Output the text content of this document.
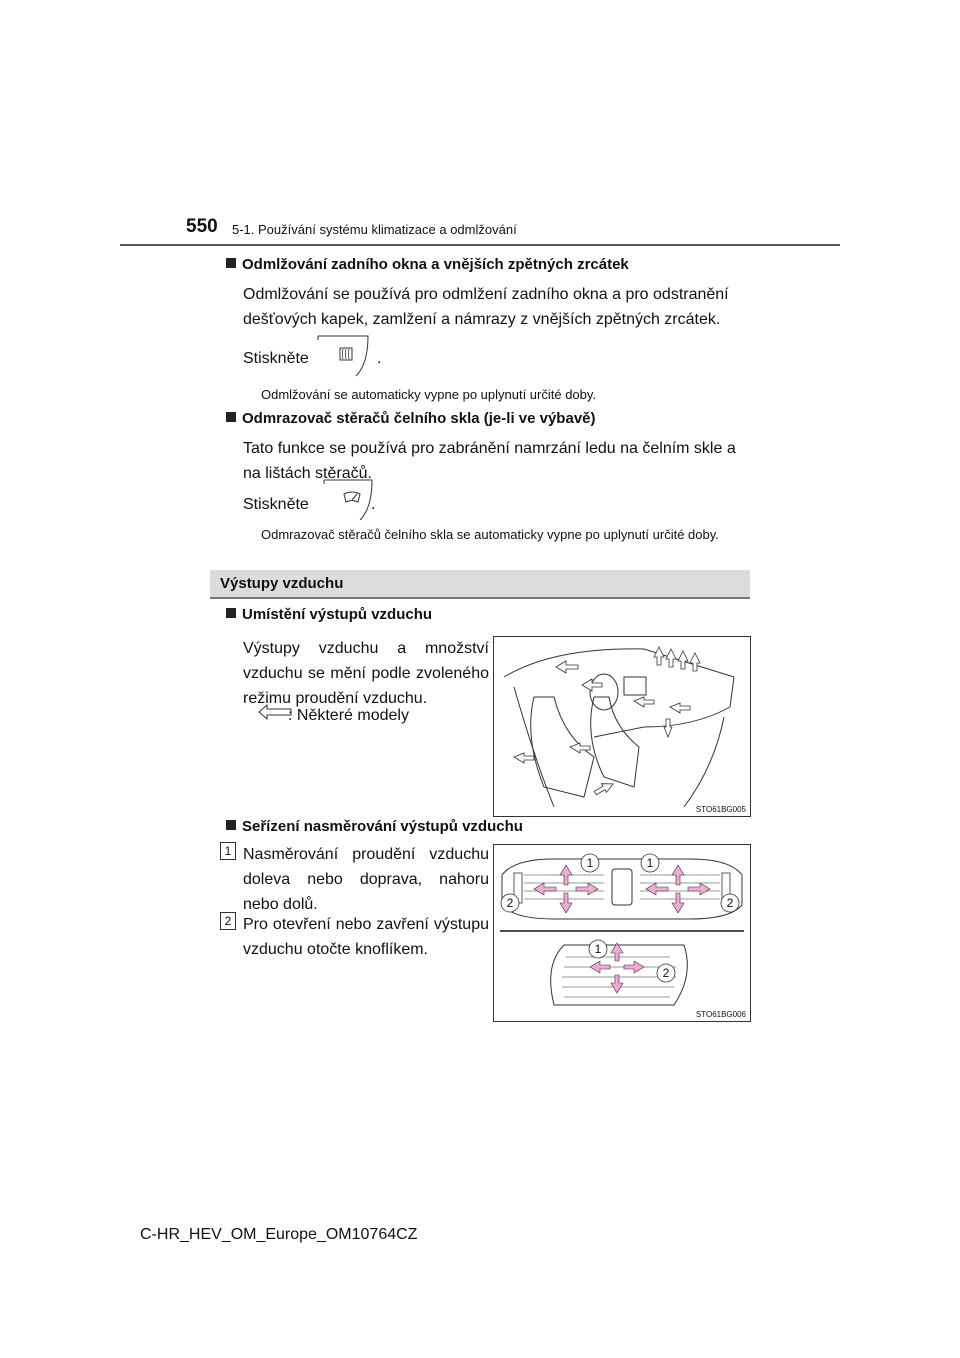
550 5-1. Používání systému klimatizace a odmlžování
Odmlžování zadního okna a vnějších zpětných zrcátek
Odmlžování se používá pro odmlžení zadního okna a pro odstranění dešťových kapek, zamlžení a námrazy z vnějších zpětných zrcátek.
Stiskněte	.
Odmlžování se automaticky vypne po uplynutí určité doby.
Odmrazovač stěračů čelního skla (je-li ve výbavě)
Tato funkce se používá pro zabránění namrzání ledu na čelním skle a na lištách stěračů.
Stiskněte	.
Odmrazovač stěračů čelního skla se automaticky vypne po uplynutí určité doby.
Výstupy vzduchu
Umístění výstupů vzduchu
Výstupy vzduchu a množství vzduchu se mění podle zvoleného režimu proudění vzduchu.
: Některé modely
STO61BG005
Seřízení nasměrování výstupů vzduchu
1 Nasměrování proudění vzduchu doleva nebo doprava, nahoru nebo dolů.
2 Pro otevření nebo zavření výstupu vzduchu otočte knoflíkem.
1	1
2	2
1
2
STO61BG006
C-HR_HEV_OM_Europe_OM10764CZ
